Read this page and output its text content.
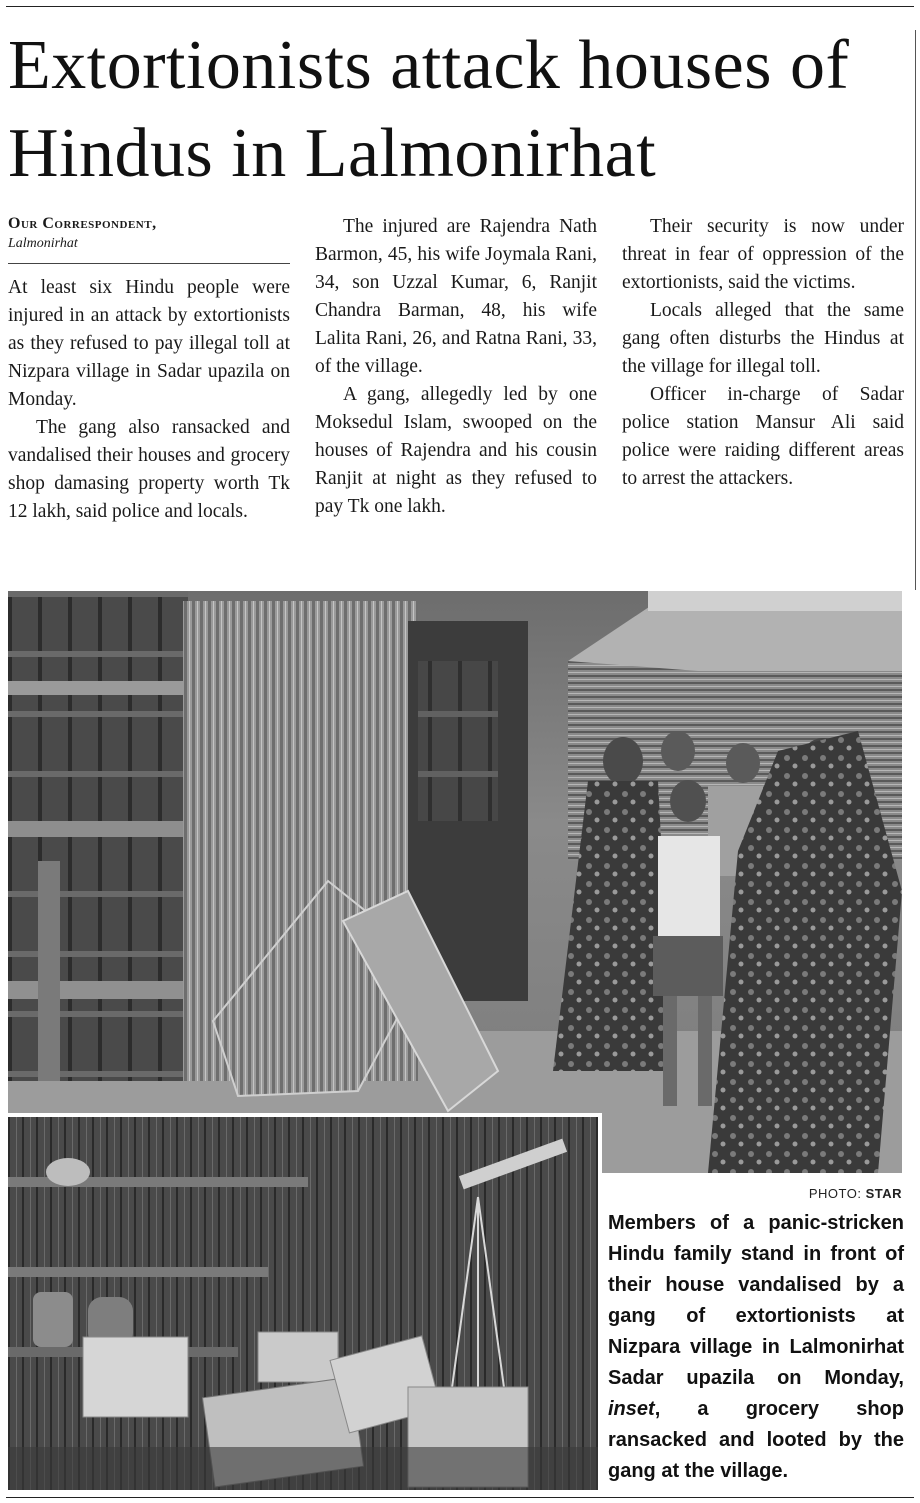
Extortionists attack houses of Hindus in Lalmonirhat
Our Correspondent,
Lalmonirhat

At least six Hindu people were injured in an attack by extortionists as they refused to pay illegal toll at Nizpara village in Sadar upazila on Monday.

The gang also ransacked and vandalised their houses and grocery shop damasing property worth Tk 12 lakh, said police and locals.

The injured are Rajendra Nath Barmon, 45, his wife Joymala Rani, 34, son Uzzal Kumar, 6, Ranjit Chandra Barman, 48, his wife Lalita Rani, 26, and Ratna Rani, 33, of the village.

A gang, allegedly led by one Moksedul Islam, swooped on the houses of Rajendra and his cousin Ranjit at night as they refused to pay Tk one lakh.

Their security is now under threat in fear of oppression of the extortionists, said the victims.

Locals alleged that the same gang often disturbs the Hindus at the village for illegal toll.

Officer in-charge of Sadar police station Mansur Ali said police were raiding different areas to arrest the attackers.

PHOTO: STAR

Members of a panic-stricken Hindu family stand in front of their house vandalised by a gang of extortionists at Nizpara village in Lalmonirhat Sadar upazila on Monday, inset, a grocery shop ransacked and looted by the gang at the village.
